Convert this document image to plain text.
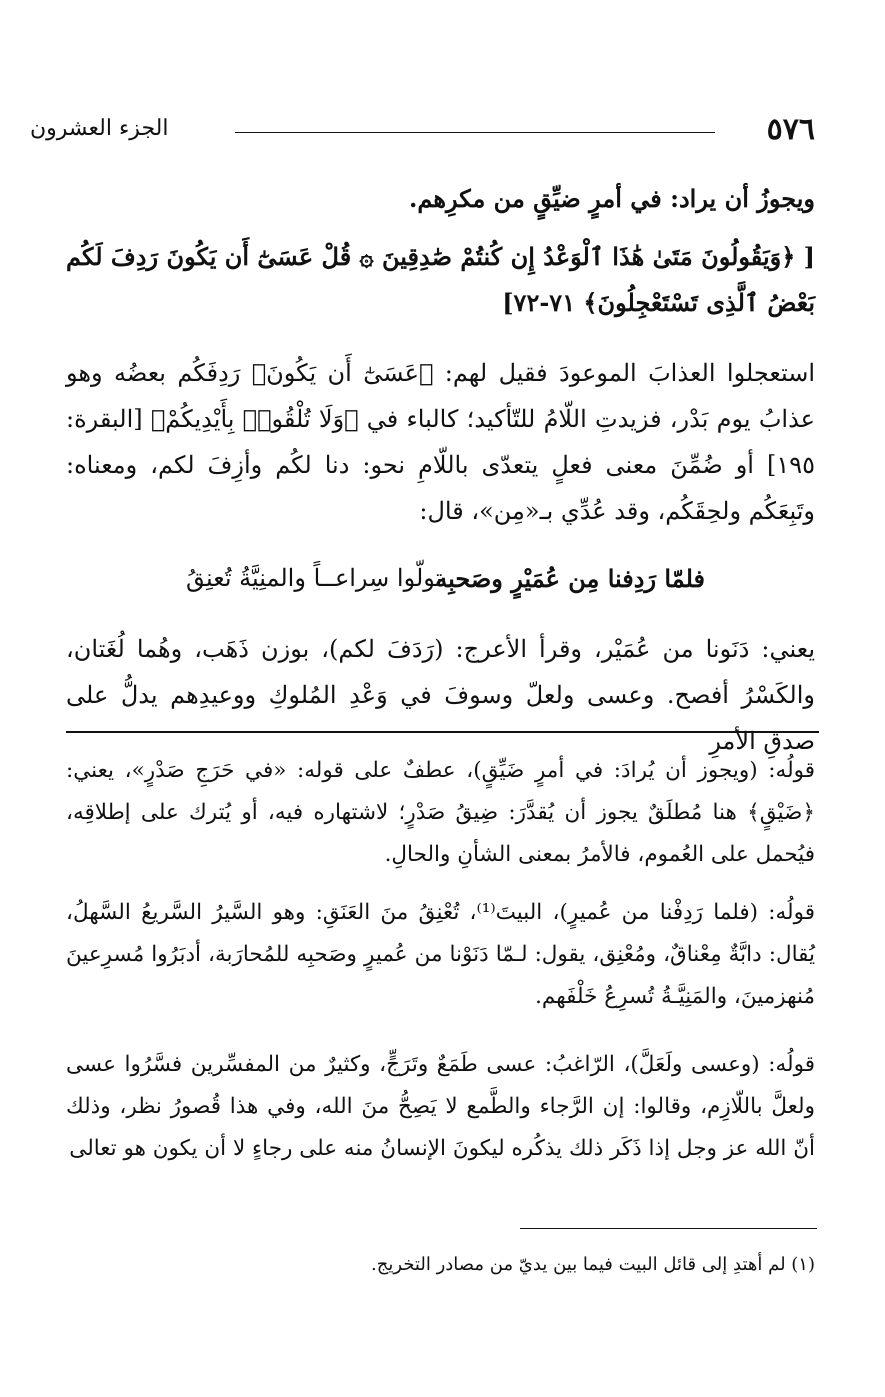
٥٧٦
الجزء العشرون

ويجوزُ أن يراد: في أمرٍ ضيِّقٍ من مكرِهم.

[ ﴿وَيَقُولُونَ مَتَىٰ هَٰذَا ٱلْوَعْدُ إِن كُنتُمْ صَٰدِقِينَ ۞ قُلْ عَسَىٰٓ أَن يَكُونَ رَدِفَ لَكُم بَعْضُ ٱلَّذِى تَسْتَعْجِلُونَ﴾ ٧١-٧٢]

استعجلوا العذابَ الموعودَ فقيل لهم: ﴿عَسَىٰٓ أَن يَكُونَ﴾ رَدِفَكُم بعضُه وهو عذابُ يوم بَدْر، فزيدتِ اللّامُ للتّأكيد؛ كالباء في ﴿وَلَا تُلْقُوا۟ بِأَيْدِيكُمْ﴾ [البقرة: ١٩٥] أو ضُمِّنَ معنى فعلٍ يتعدّى باللّامِ نحو: دنا لكُم وأزِفَ لكم، ومعناه: وتَبِعَكُم ولحِقَكُم، وقد عُدِّي بـ«مِن»، قال:

فلمّا رَدِفنا مِن عُمَيْرٍ وصَحبِه
تولّوا سِراعــاً والمنِيَّةُ تُعنِقُ

يعني: دَنَونا من عُمَيْر، وقرأ الأعرج: (رَدَفَ لكم)، بوزن ذَهَب، وهُما لُغَتان، والكَسْرُ أفصح. وعسى ولعلّ وسوفَ في وَعْدِ المُلوكِ ووعيدِهم يدلُّ على صدقِ الأمرِ

قولُه: (ويجوز أن يُرادَ: في أمرٍ ضَيِّقٍ)، عطفٌ على قوله: «في حَرَجِ صَدْرٍ»، يعني: ﴿ضَيْقٍ﴾ هنا مُطلَقٌ يجوز أن يُقدَّرَ: ضِيقُ صَدْرٍ؛ لاشتهاره فيه، أو يُترك على إطلاقِه، فيُحمل على العُموم، فالأمرُ بمعنى الشأنِ والحالِ.

قولُه: (فلما رَدِفْنا من عُميرٍ)، البيتَ⁽¹⁾، تُعْنِقُ منَ العَنَقِ: وهو السَّيرُ السَّريعُ السَّهلُ، يُقال: دابَّةٌ مِعْناقٌ، ومُعْنِق، يقول: لـمّا دَنَوْنا من عُميرٍ وصَحبِه للمُحارَبة، أدبَرُوا مُسرِعينَ مُنهزمينَ، والمَنِيَّـةُ تُسرِعُ خَلْفَهم.

قولُه: (وعسى ولَعَلَّ)، الرّاغبُ: عسى طَمَعٌ وتَرَجٍّ، وكثيرٌ من المفسِّرين فسَّرُوا عسى ولعلَّ باللّازِم، وقالوا: إن الرَّجاء والطَّمع لا يَصِحُّ منَ الله، وفي هذا قُصورُ نظر، وذلك أنّ الله عز وجل إذا ذَكَر ذلك يذكُره ليكونَ الإنسانُ منه على رجاءٍ لا أن يكون هو تعالى

(١) لم أهتدِ إلى قائل البيت فيما بين يديّ من مصادر التخريج.
